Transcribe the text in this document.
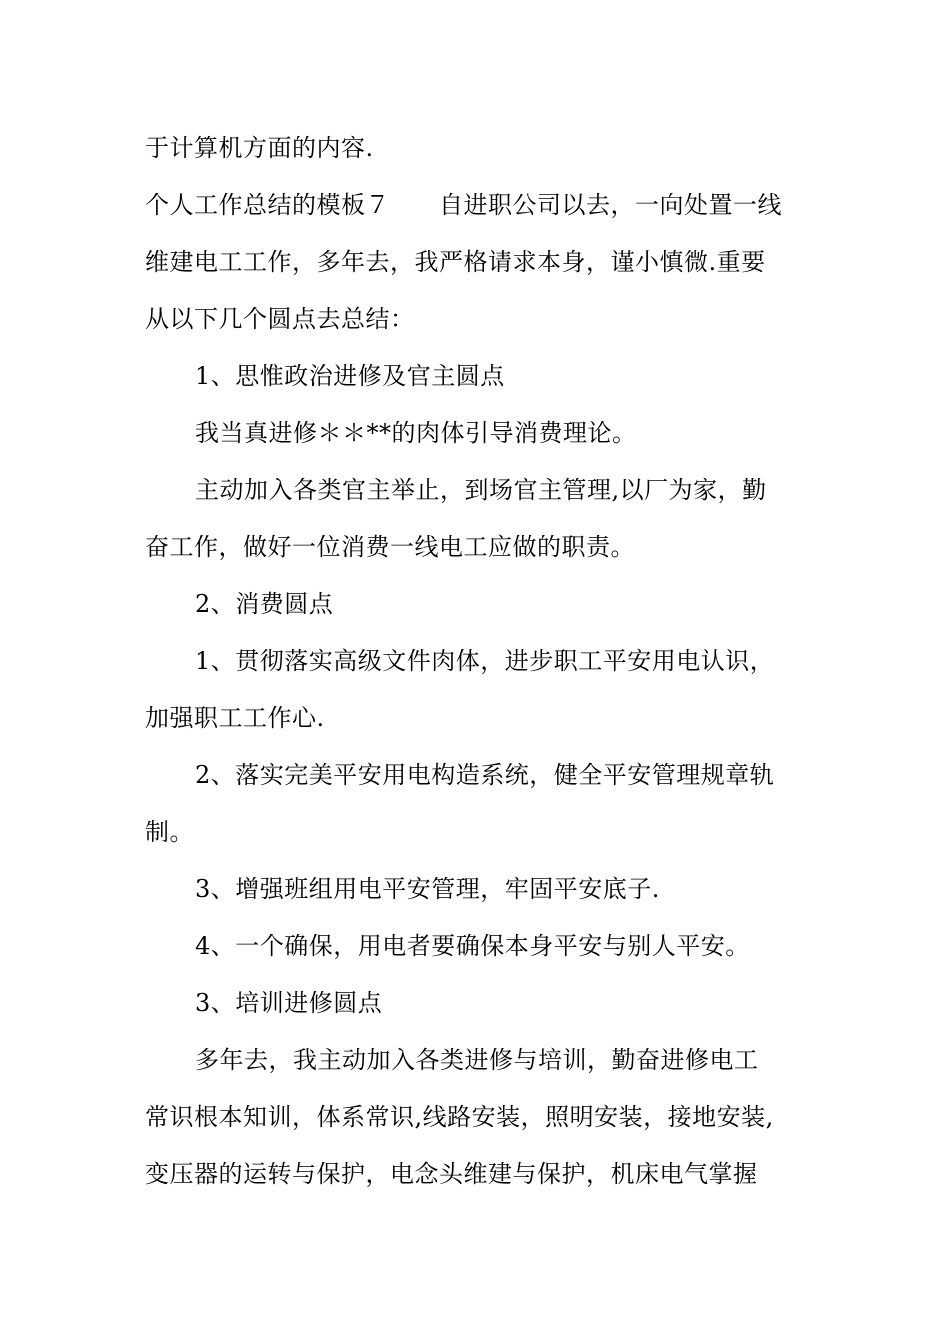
于计算机方面的内容.
个人工作总结的模板７　　自进职公司以去，一向处置一线
维建电工工作，多年去，我严格请求本身，谨小慎微.重要
从以下几个圆点去总结：
1、思惟政治进修及官主圆点
我当真进修＊＊**的肉体引导消费理论。
主动加入各类官主举止，到场官主管理,以厂为家，勤
奋工作，做好一位消费一线电工应做的职责。
2、消费圆点
1、贯彻落实高级文件肉体，进步职工平安用电认识，
加强职工工作心.
2、落实完美平安用电构造系统，健全平安管理规章轨
制。
3、增强班组用电平安管理，牢固平安底子.
4、一个确保，用电者要确保本身平安与别人平安。
3、培训进修圆点
多年去，我主动加入各类进修与培训，勤奋进修电工
常识根本知训，体系常识,线路安装，照明安装，接地安装,
变压器的运转与保护，电念头维建与保护，机床电气掌握
